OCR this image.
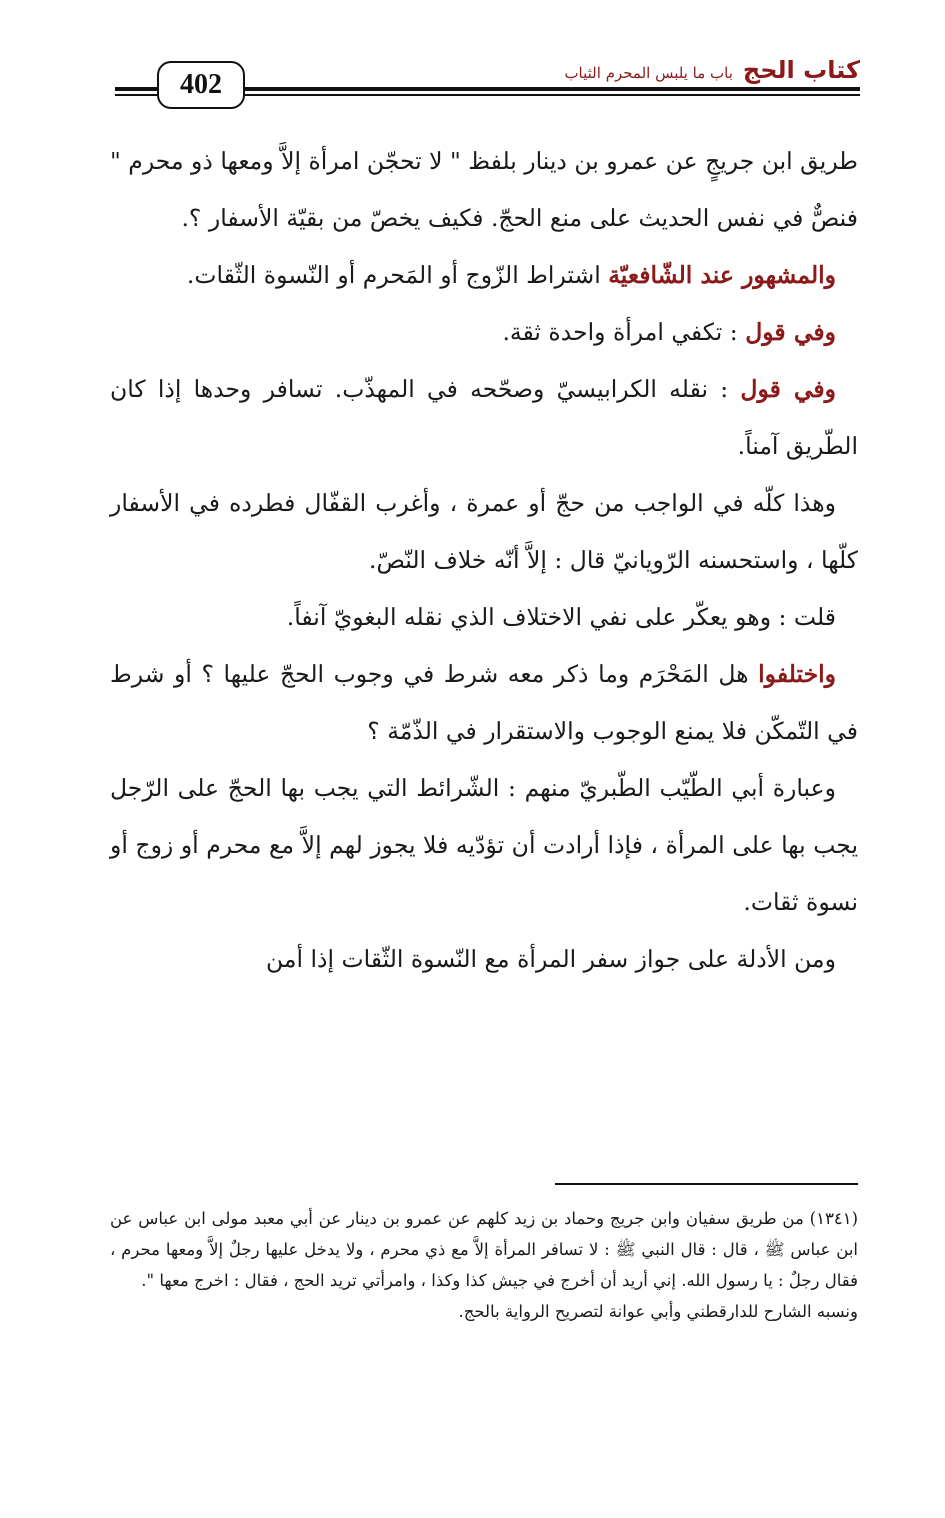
كتاب الحج
باب ما يلبس المحرم الثياب
402

طريق ابن جريجٍ عن عمرو بن دينار بلفظ " لا تحجّن امرأة إلاَّ ومعها ذو محرم " فنصٌّ في نفس الحديث على منع الحجّ. فكيف يخصّ من بقيّة الأسفار ؟.

والمشهور عند الشّافعيّة اشتراط الزّوج أو المَحرم أو النّسوة الثّقات.

وفي قول : تكفي امرأة واحدة ثقة.

وفي قول : نقله الكرابيسيّ وصحّحه في المهذّب. تسافر وحدها إذا كان الطّريق آمناً.

وهذا كلّه في الواجب من حجّ أو عمرة ، وأغرب القفّال فطرده في الأسفار كلّها ، واستحسنه الرّويانيّ قال : إلاَّ أنّه خلاف النّصّ.

قلت : وهو يعكّر على نفي الاختلاف الذي نقله البغويّ آنفاً.

واختلفوا هل المَحْرَم وما ذكر معه شرط في وجوب الحجّ عليها ؟ أو شرط في التّمكّن فلا يمنع الوجوب والاستقرار في الذّمّة ؟

وعبارة أبي الطّيّب الطّبريّ منهم : الشّرائط التي يجب بها الحجّ على الرّجل يجب بها على المرأة ، فإذا أرادت أن تؤدّيه فلا يجوز لهم إلاَّ مع محرم أو زوج أو نسوة ثقات.

ومن الأدلة على جواز سفر المرأة مع النّسوة الثّقات إذا أمن

(١٣٤١) من طريق سفيان وابن جريج وحماد بن زيد كلهم عن عمرو بن دينار عن أبي معبد مولى ابن عباس عن ابن عباس ﷺ ، قال : قال النبي ﷺ : لا تسافر المرأة إلاَّ مع ذي محرم ، ولا يدخل عليها رجلٌ إلاَّ ومعها محرم ، فقال رجلٌ : يا رسول الله. إني أريد أن أخرج في جيش كذا وكذا ، وامرأتي تريد الحج ، فقال : اخرج معها ".

ونسبه الشارح للدارقطني وأبي عوانة لتصريح الرواية بالحج.
